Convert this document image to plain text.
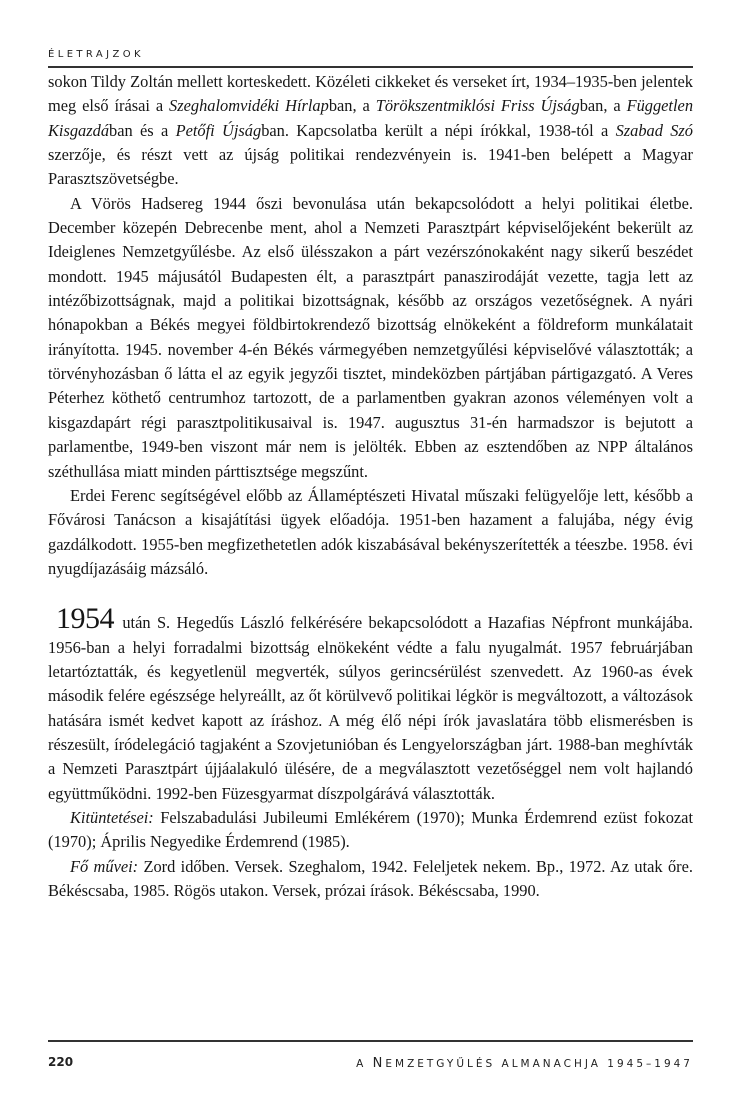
ÉLETRAJZOK

sokon Tildy Zoltán mellett korteskedett. Közéleti cikkeket és verseket írt, 1934–1935-ben jelentek meg első írásai a Szeghalomvidéki Hírlapban, a Törökszentmiklósi Friss Újságban, a Független Kisgazdában és a Petőfi Újságban. Kapcsolatba került a népi írókkal, 1938-tól a Szabad Szó szerzője, és részt vett az újság politikai rendezvényein is. 1941-ben belépett a Magyar Parasztszövetségbe.

A Vörös Hadsereg 1944 őszi bevonulása után bekapcsolódott a helyi politikai életbe. December közepén Debrecenbe ment, ahol a Nemzeti Parasztpárt képviselőjeként bekerült az Ideiglenes Nemzetgyűlésbe. Az első ülésszakon a párt vezérszónokaként nagy sikerű beszédet mondott. 1945 májusától Budapesten élt, a parasztpárt panaszirodáját vezette, tagja lett az intézőbizottságnak, majd a politikai bizottságnak, később az országos vezetőségnek. A nyári hónapokban a Békés megyei földbirtokrendező bizottság elnökeként a földreform munkálatait irányította. 1945. november 4-én Békés vármegyében nemzetgyűlési képviselővé választották; a törvényhozásban ő látta el az egyik jegyzői tisztet, mindeközben pártjában pártigazgató. A Veres Péterhez köthető centrumhoz tartozott, de a parlamentben gyakran azonos véleményen volt a kisgazdapárt régi parasztpolitikusaival is. 1947. augusztus 31-én harmadszor is bejutott a parlamentbe, 1949-ben viszont már nem is jelölték. Ebben az esztendőben az NPP általános széthullása miatt minden párttisztsége megszűnt.

Erdei Ferenc segítségével előbb az Államéptészeti Hivatal műszaki felügyelője lett, később a Fővárosi Tanácson a kisajátítási ügyek előadója. 1951-ben hazament a falujába, négy évig gazdálkodott. 1955-ben megfizethetetlen adók kiszabásával bekényszerítették a téeszbe. 1958. évi nyugdíjazásáig mázsáló.

1954 után S. Hegedűs László felkérésére bekapcsolódott a Hazafias Népfront munkájába. 1956-ban a helyi forradalmi bizottság elnökeként védte a falu nyugalmát. 1957 februárjában letartóztatták, és kegyetlenül megverték, súlyos gerincsérülést szenvedett. Az 1960-as évek második felére egészsége helyreállt, az őt körülvevő politikai légkör is megváltozott, a változások hatására ismét kedvet kapott az íráshoz. A még élő népi írók javaslatára több elismerésben is részesült, íródelegáció tagjaként a Szovjetunióban és Lengyelországban járt. 1988-ban meghívták a Nemzeti Parasztpárt újjáalakuló ülésére, de a megválasztott vezetőséggel nem volt hajlandó együttműködni. 1992-ben Füzesgyarmat díszpolgárává választották.

Kitüntetései: Felszabadulási Jubileumi Emlékérem (1970); Munka Érdemrend ezüst fokozat (1970); Április Negyedike Érdemrend (1985).

Fő művei: Zord időben. Versek. Szeghalom, 1942. Feleljetek nekem. Bp., 1972. Az utak őre. Békéscsaba, 1985. Rögös utakon. Versek, prózai írások. Békéscsaba, 1990.

220	A NEMZETGYŰLÉS ALMANACHJA 1945–1947
